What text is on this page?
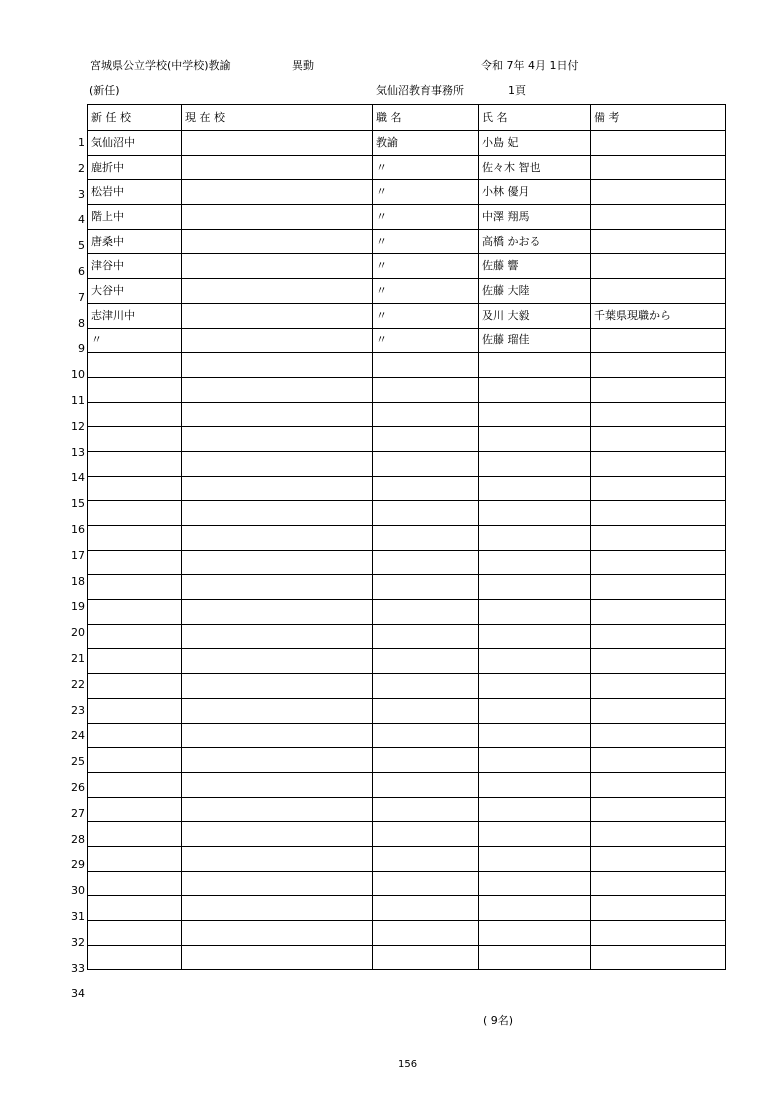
宮城県公立学校(中学校)教諭	異動	令和 7年 4月 1日付
(新任)	気仙沼教育事務所	1頁
1
2
3
4
5
6
7
8
9
10
11
12
13
14
15
16
17
18
19
20
21
22
23
24
25
26
27
28
29
30
31
32
33
34
新 任 校	現 在 校	職 名	氏 名	備 考
気仙沼中		教諭	小島 妃	
鹿折中		〃	佐々木 智也	
松岩中		〃	小林 優月	
階上中		〃	中澤 翔馬	
唐桑中		〃	高橋 かおる	
津谷中		〃	佐藤 響	
大谷中		〃	佐藤 大陸	
志津川中		〃	及川 大毅	千葉県現職から
〃		〃	佐藤 瑠佳	

( 9名)
156
